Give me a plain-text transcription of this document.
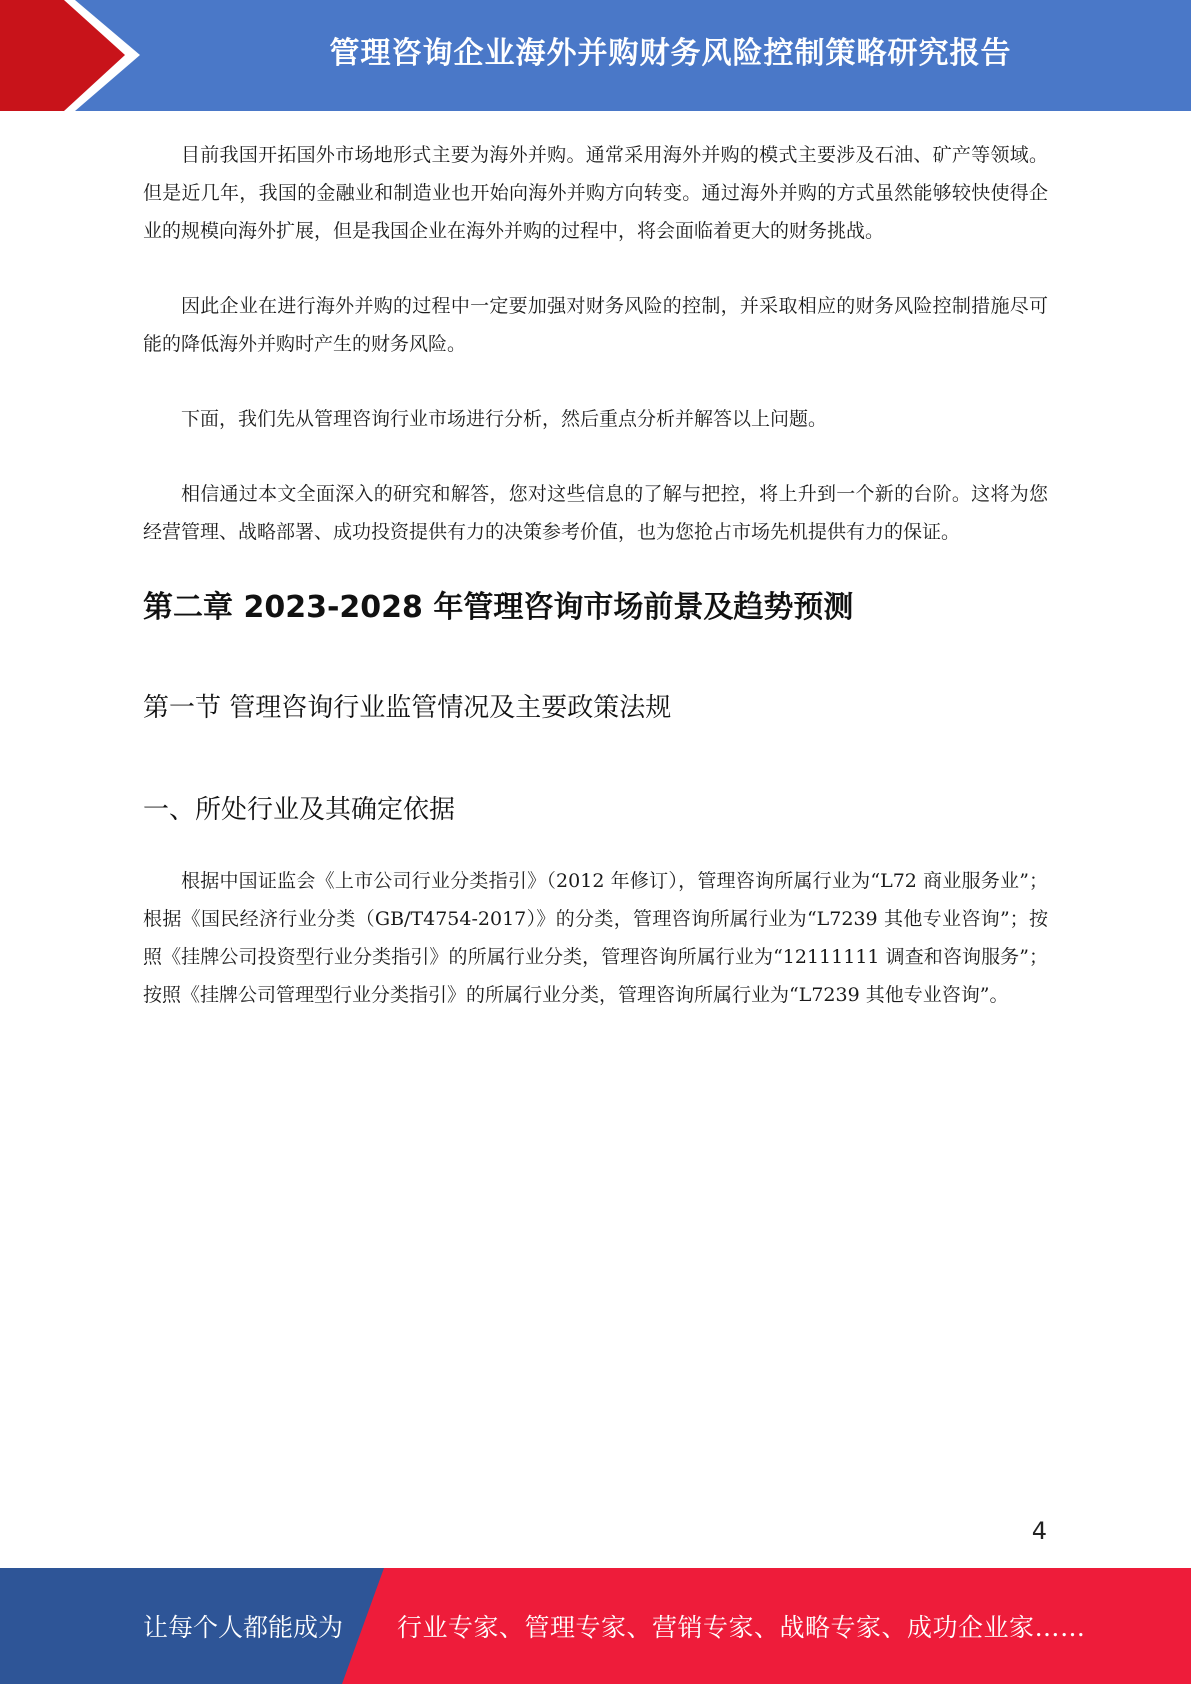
管理咨询企业海外并购财务风险控制策略研究报告

目前我国开拓国外市场地形式主要为海外并购。通常采用海外并购的模式主要涉及石油、矿产等领域。但是近几年，我国的金融业和制造业也开始向海外并购方向转变。通过海外并购的方式虽然能够较快使得企业的规模向海外扩展，但是我国企业在海外并购的过程中，将会面临着更大的财务挑战。

因此企业在进行海外并购的过程中一定要加强对财务风险的控制，并采取相应的财务风险控制措施尽可能的降低海外并购时产生的财务风险。

下面，我们先从管理咨询行业市场进行分析，然后重点分析并解答以上问题。

相信通过本文全面深入的研究和解答，您对这些信息的了解与把控，将上升到一个新的台阶。这将为您经营管理、战略部署、成功投资提供有力的决策参考价值，也为您抢占市场先机提供有力的保证。

第二章 2023-2028 年管理咨询市场前景及趋势预测
第一节 管理咨询行业监管情况及主要政策法规
一、所处行业及其确定依据

根据中国证监会《上市公司行业分类指引》（2012 年修订），管理咨询所属行业为“L72 商业服务业”；根据《国民经济行业分类（GB/T4754-2017）》的分类，管理咨询所属行业为“L7239 其他专业咨询”；按照《挂牌公司投资型行业分类指引》的所属行业分类，管理咨询所属行业为“12111111 调查和咨询服务”；按照《挂牌公司管理型行业分类指引》的所属行业分类，管理咨询所属行业为“L7239 其他专业咨询”。

4
让每个人都能成为 行业专家、管理专家、营销专家、战略专家、成功企业家……
